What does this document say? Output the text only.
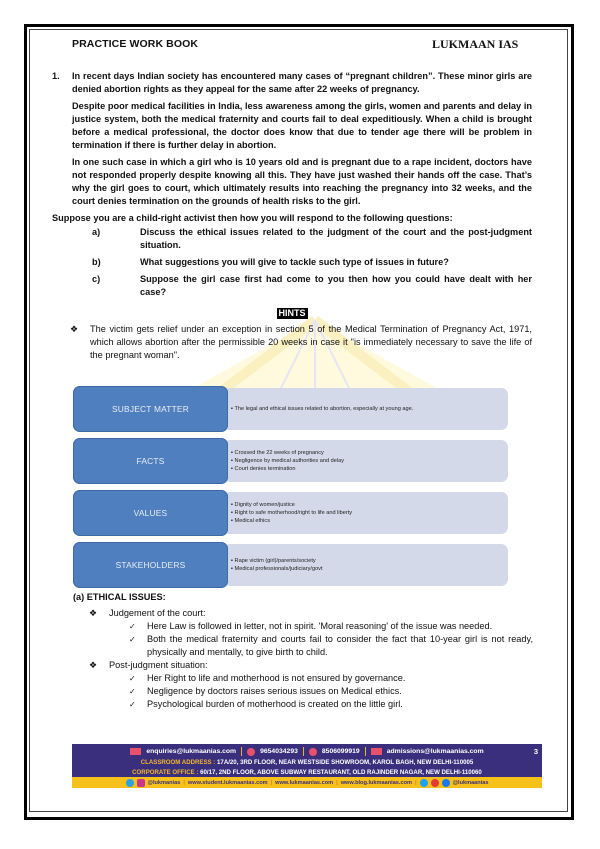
PRACTICE WORK BOOK	LUKMAAN IAS
1.	In recent days Indian society has encountered many cases of “pregnant children”. These minor girls are denied abortion rights as they appeal for the same after 22 weeks of pregnancy.

Despite poor medical facilities in India, less awareness among the girls, women and parents and delay in justice system, both the medical fraternity and courts fail to deal expeditiously. When a child is brought before a medical professional, the doctor does know that due to tender age there will be problem in termination if there is further delay in abortion.

In one such case in which a girl who is 10 years old and is pregnant due to a rape incident, doctors have not responded properly despite knowing all this. They have just washed their hands off the case. That’s why the girl goes to court, which ultimately results into reaching the pregnancy into 32 weeks, and the court denies termination on the grounds of health risks to the girl.

Suppose you are a child-right activist then how you will respond to the following questions:
a)	Discuss the ethical issues related to the judgment of the court and the post-judgment situation.
b)	What suggestions you will give to tackle such type of issues in future?
c)	Suppose the girl case first had come to you then how you could have dealt with her case?
HINTS
❖	The victim gets relief under an exception in section 5 of the Medical Termination of Pregnancy Act, 1971, which allows abortion after the permissible 20 weeks in case it "is immediately necessary to save the life of the pregnant woman".
▪ The legal and ethical issues related to abortion, especially at young age.
SUBJECT MATTER
▪ Crossed the 22 weeks of pregnancy
▪ Negligence by medical authorities and delay
▪ Court denies termination
FACTS
▪ Dignity of women/justice
▪ Right to safe motherhood/right to life and liberty
▪ Medical ethics
VALUES
▪ Rape victim (girl)/parents/society
▪ Medical professionals/judiciary/govt
STAKEHOLDERS
(a) ETHICAL ISSUES:
❖	Judgement of the court:
✓	Here Law is followed in letter, not in spirit. 'Moral reasoning' of the issue was needed.
✓	Both the medical fraternity and courts fail to consider the fact that 10-year girl is not ready, physically and mentally, to give birth to child.
❖	Post-judgment situation:
✓	Her Right to life and motherhood is not ensured by governance.
✓	Negligence by doctors raises serious issues on Medical ethics.
✓	Psychological burden of motherhood is created on the little girl.
enquiries@lukmaanias.com	9654034293	8506099919	admissions@lukmaanias.com	3
CLASSROOM ADDRESS : 17A/20, 3RD FLOOR, NEAR WESTSIDE SHOWROOM, KAROL BAGH, NEW DELHI-110005
CORPORATE OFFICE : 60/17, 2ND FLOOR, ABOVE SUBWAY RESTAURANT, OLD RAJINDER NAGAR, NEW DELHI-110060
@lukmanias | www.student.lukmaanias.com | www.lukmaanias.com | www.blog.lukmaanias.com |	@lukmaanias
